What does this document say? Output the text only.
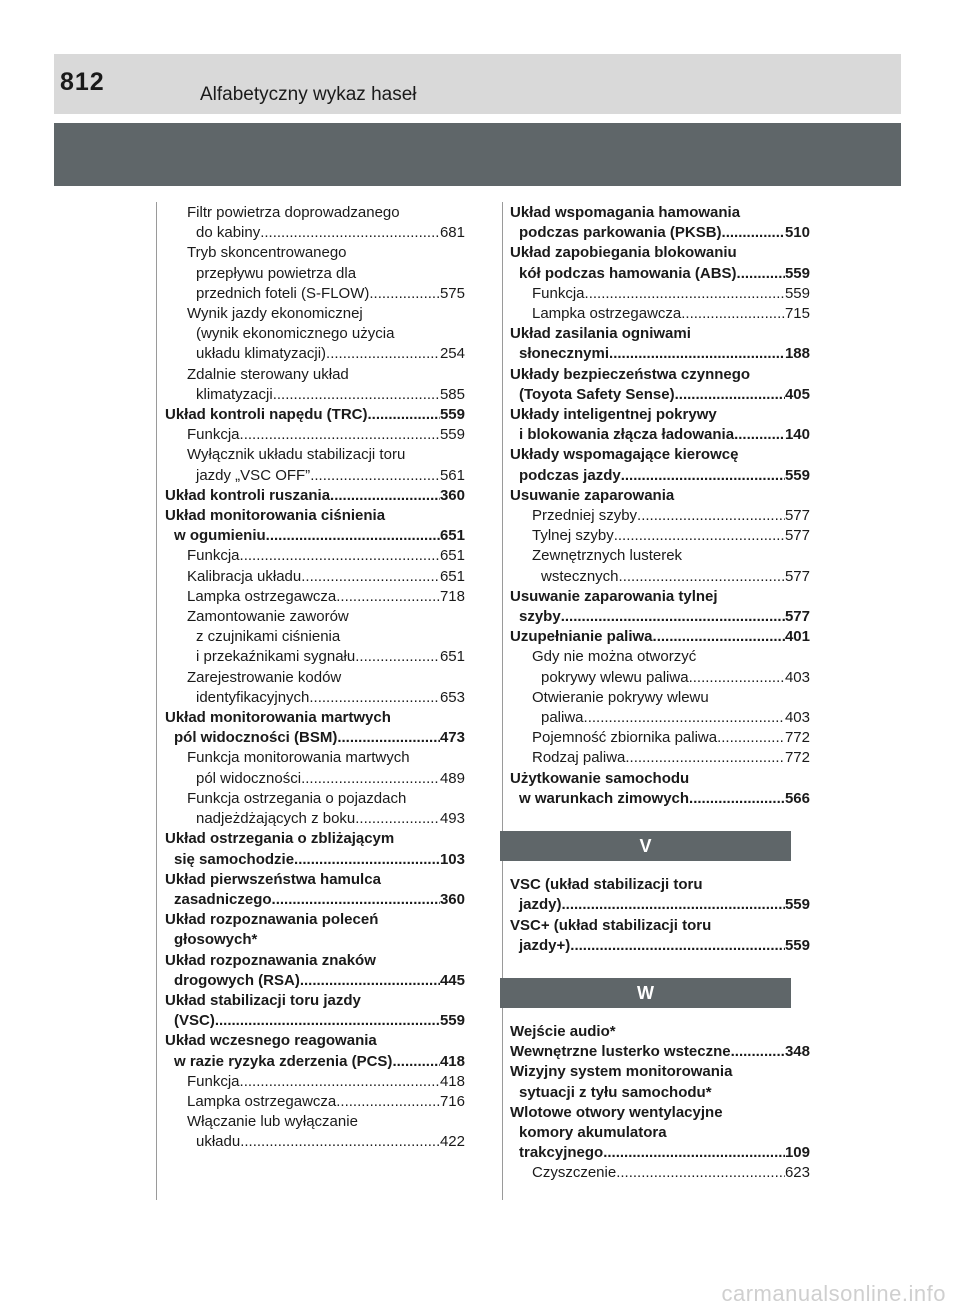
812	Alfabetyczny wykaz haseł
Filtr powietrza doprowadzanego
do kabiny .....	681
Tryb skoncentrowanego
przepływu powietrza dla
przednich foteli (S-FLOW) .....	575
Wynik jazdy ekonomicznej
(wynik ekonomicznego użycia
układu klimatyzacji) .....	254
Zdalnie sterowany układ
klimatyzacji .....	585
Układ kontroli napędu (TRC) .....	559
Funkcja .....	559
Wyłącznik układu stabilizacji toru
jazdy „VSC OFF” .....	561
Układ kontroli ruszania .....	360
Układ monitorowania ciśnienia
w ogumieniu .....	651
Funkcja .....	651
Kalibracja układu .....	651
Lampka ostrzegawcza .....	718
Zamontowanie zaworów
z czujnikami ciśnienia
i przekaźnikami sygnału .....	651
Zarejestrowanie kodów
identyfikacyjnych .....	653
Układ monitorowania martwych
pól widoczności (BSM) .....	473
Funkcja monitorowania martwych
pól widoczności .....	489
Funkcja ostrzegania o pojazdach
nadjeżdżających z boku .....	493
Układ ostrzegania o zbliżającym
się samochodzie .....	103
Układ pierwszeństwa hamulca
zasadniczego .....	360
Układ rozpoznawania poleceń
głosowych*
Układ rozpoznawania znaków
drogowych (RSA) .....	445
Układ stabilizacji toru jazdy
(VSC) .....	559
Układ wczesnego reagowania
w razie ryzyka zderzenia (PCS) .....	418
Funkcja .....	418
Lampka ostrzegawcza .....	716
Włączanie lub wyłączanie
układu .....	422
Układ wspomagania hamowania
podczas parkowania (PKSB) .....	510
Układ zapobiegania blokowaniu
kół podczas hamowania (ABS) .....	559
Funkcja .....	559
Lampka ostrzegawcza .....	715
Układ zasilania ogniwami
słonecznymi .....	188
Układy bezpieczeństwa czynnego
(Toyota Safety Sense) .....	405
Układy inteligentnej pokrywy
i blokowania złącza ładowania .....	140
Układy wspomagające kierowcę
podczas jazdy .....	559
Usuwanie zaparowania
Przedniej szyby .....	577
Tylnej szyby .....	577
Zewnętrznych lusterek
wstecznych .....	577
Usuwanie zaparowania tylnej
szyby .....	577
Uzupełnianie paliwa .....	401
Gdy nie można otworzyć
pokrywy wlewu paliwa .....	403
Otwieranie pokrywy wlewu
paliwa .....	403
Pojemność zbiornika paliwa .....	772
Rodzaj paliwa .....	772
Użytkowanie samochodu
w warunkach zimowych .....	566
V
VSC (układ stabilizacji toru
jazdy) .....	559
VSC+ (układ stabilizacji toru
jazdy+) .....	559
W
Wejście audio*
Wewnętrzne lusterko wsteczne .....	348
Wizyjny system monitorowania
sytuacji z tyłu samochodu*
Wlotowe otwory wentylacyjne
komory akumulatora
trakcyjnego .....	109
Czyszczenie .....	623
carmanualsonline.info
